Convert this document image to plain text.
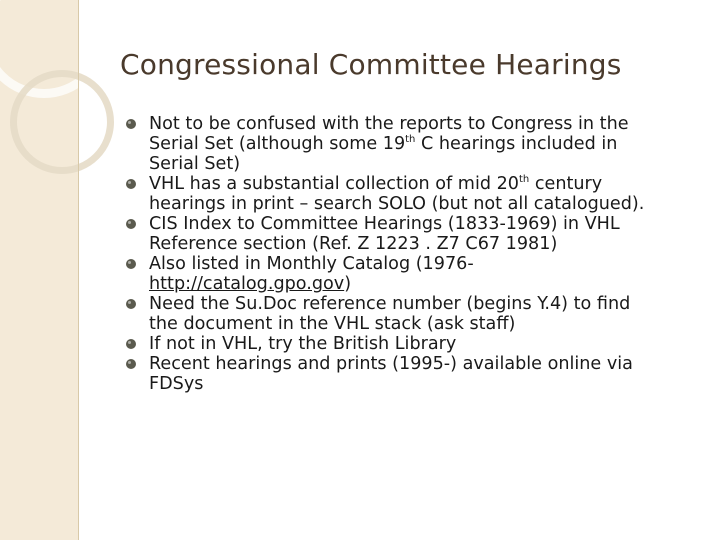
Congressional Committee Hearings
Not to be confused with the reports to Congress in the
Serial Set (although some 19th C hearings included in
Serial Set)
VHL has a substantial collection of mid 20th century
hearings in print – search SOLO (but not all catalogued).
CIS Index to Committee Hearings (1833-1969) in VHL
Reference section (Ref. Z 1223 . Z7 C67 1981)
Also listed in Monthly Catalog (1976-
http://catalog.gpo.gov)
Need the Su.Doc reference number (begins Y.4) to find
the document in the VHL stack (ask staff)
If not in VHL, try the British Library
Recent hearings and prints (1995-) available online via
FDSys
